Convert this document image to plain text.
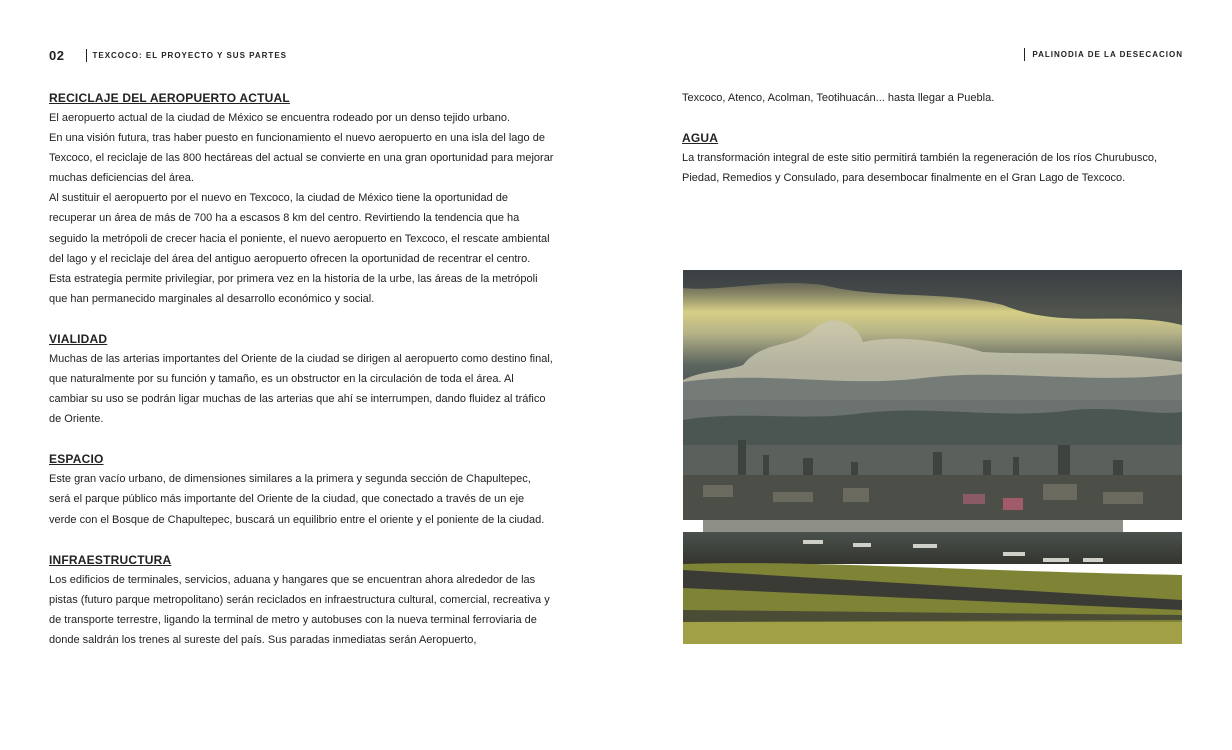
02	TEXCOCO: EL PROYECTO Y SUS PARTES	PALINODIA DE LA DESECACION
RECICLAJE DEL AEROPUERTO ACTUAL

El aeropuerto actual de la ciudad de México se encuentra rodeado por un denso tejido urbano.

En una visión futura, tras haber puesto en funcionamiento el nuevo aeropuerto en una isla del lago de Texcoco, el reciclaje de las 800 hectáreas del actual se convierte en una gran oportunidad para mejorar muchas deficiencias del área.

Al sustituir el aeropuerto por el nuevo en Texcoco, la ciudad de México tiene la oportunidad de recuperar un área de más de 700 ha a escasos 8 km del centro. Revirtiendo la tendencia que ha seguido la metrópoli de crecer hacia el poniente, el nuevo aeropuerto en Texcoco, el rescate ambiental del lago y el reciclaje del área del antiguo aeropuerto ofrecen la oportunidad de recentrar el centro. Esta estrategia permite privilegiar, por primera vez en la historia de la urbe, las áreas de la metrópoli que han permanecido marginales al desarrollo económico y social.

VIALIDAD

Muchas de las arterias importantes del Oriente de la ciudad se dirigen al aeropuerto como destino final, que naturalmente por su función y tamaño, es un obstructor en la circulación de toda el área. Al cambiar su uso se podrán ligar muchas de las arterias que ahí se interrumpen, dando fluidez al tráfico de Oriente.

ESPACIO

Este gran vacío urbano, de dimensiones similares a la primera y segunda sección de Chapultepec, será el parque público más importante del Oriente de la ciudad, que conectado a través de un eje verde con el Bosque de Chapultepec, buscará un equilibrio entre el oriente y el poniente de la ciudad.

INFRAESTRUCTURA

Los edificios de terminales, servicios, aduana y hangares que se encuentran ahora alrededor de las pistas (futuro parque metropolitano) serán reciclados en infraestructura cultural, comercial, recreativa y de transporte terrestre, ligando la terminal de metro y autobuses con la nueva terminal ferroviaria de donde saldrán los trenes al sureste del país. Sus paradas inmediatas serán Aeropuerto,

Texcoco, Atenco, Acolman, Teotihuacán... hasta llegar a Puebla.

AGUA

La transformación integral de este sitio permitirá también la regeneración de los ríos Churubusco, Piedad, Remedios y Consulado, para desembocar finalmente en el Gran Lago de Texcoco.
